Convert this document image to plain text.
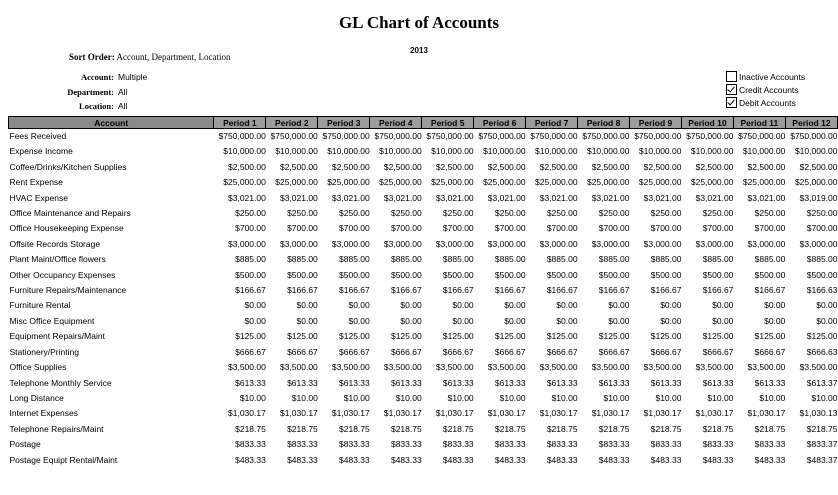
GL Chart of Accounts
2013
Sort Order: Account, Department, Location
Account: Multiple
Department: All
Location: All
Inactive Accounts
Credit Accounts
Debit Accounts
Account	Period 1	Period 2	Period 3	Period 4	Period 5	Period 6	Period 7	Period 8	Period 9	Period 10	Period 11	Period 12
Fees Received	$750,000.00	$750,000.00	$750,000.00	$750,000.00	$750,000.00	$750,000.00	$750,000.00	$750,000.00	$750,000.00	$750,000.00	$750,000.00	$750,000.00
Expense Income	$10,000.00	$10,000.00	$10,000.00	$10,000.00	$10,000.00	$10,000.00	$10,000.00	$10,000.00	$10,000.00	$10,000.00	$10,000.00	$10,000.00
Coffee/Drinks/Kitchen Supplies	$2,500.00	$2,500.00	$2,500.00	$2,500.00	$2,500.00	$2,500.00	$2,500.00	$2,500.00	$2,500.00	$2,500.00	$2,500.00	$2,500.00
Rent Expense	$25,000.00	$25,000.00	$25,000.00	$25,000.00	$25,000.00	$25,000.00	$25,000.00	$25,000.00	$25,000.00	$25,000.00	$25,000.00	$25,000.00
HVAC Expense	$3,021.00	$3,021.00	$3,021.00	$3,021.00	$3,021.00	$3,021.00	$3,021.00	$3,021.00	$3,021.00	$3,021.00	$3,021.00	$3,019.00
Office Maintenance and Repairs	$250.00	$250.00	$250.00	$250.00	$250.00	$250.00	$250.00	$250.00	$250.00	$250.00	$250.00	$250.00
Office Housekeeping Expense	$700.00	$700.00	$700.00	$700.00	$700.00	$700.00	$700.00	$700.00	$700.00	$700.00	$700.00	$700.00
Offsite Records Storage	$3,000.00	$3,000.00	$3,000.00	$3,000.00	$3,000.00	$3,000.00	$3,000.00	$3,000.00	$3,000.00	$3,000.00	$3,000.00	$3,000.00
Plant Maint/Office flowers	$885.00	$885.00	$885.00	$885.00	$885.00	$885.00	$885.00	$885.00	$885.00	$885.00	$885.00	$885.00
Other Occupancy Expenses	$500.00	$500.00	$500.00	$500.00	$500.00	$500.00	$500.00	$500.00	$500.00	$500.00	$500.00	$500.00
Furniture Repairs/Maintenance	$166.67	$166.67	$166.67	$166.67	$166.67	$166.67	$166.67	$166.67	$166.67	$166.67	$166.67	$166.63
Furniture Rental	$0.00	$0.00	$0.00	$0.00	$0.00	$0.00	$0.00	$0.00	$0.00	$0.00	$0.00	$0.00
Misc Office Equipment	$0.00	$0.00	$0.00	$0.00	$0.00	$0.00	$0.00	$0.00	$0.00	$0.00	$0.00	$0.00
Equipment Repairs/Maint	$125.00	$125.00	$125.00	$125.00	$125.00	$125.00	$125.00	$125.00	$125.00	$125.00	$125.00	$125.00
Stationery/Printing	$666.67	$666.67	$666.67	$666.67	$666.67	$666.67	$666.67	$666.67	$666.67	$666.67	$666.67	$666.63
Office Supplies	$3,500.00	$3,500.00	$3,500.00	$3,500.00	$3,500.00	$3,500.00	$3,500.00	$3,500.00	$3,500.00	$3,500.00	$3,500.00	$3,500.00
Telephone Monthly Service	$613.33	$613.33	$613.33	$613.33	$613.33	$613.33	$613.33	$613.33	$613.33	$613.33	$613.33	$613.37
Long Distance	$10.00	$10.00	$10.00	$10.00	$10.00	$10.00	$10.00	$10.00	$10.00	$10.00	$10.00	$10.00
Internet Expenses	$1,030.17	$1,030.17	$1,030.17	$1,030.17	$1,030.17	$1,030.17	$1,030.17	$1,030.17	$1,030.17	$1,030.17	$1,030.17	$1,030.13
Telephone Repairs/Maint	$218.75	$218.75	$218.75	$218.75	$218.75	$218.75	$218.75	$218.75	$218.75	$218.75	$218.75	$218.75
Postage	$833.33	$833.33	$833.33	$833.33	$833.33	$833.33	$833.33	$833.33	$833.33	$833.33	$833.33	$833.37
Postage Equipt Rental/Maint	$483.33	$483.33	$483.33	$483.33	$483.33	$483.33	$483.33	$483.33	$483.33	$483.33	$483.33	$483.37
